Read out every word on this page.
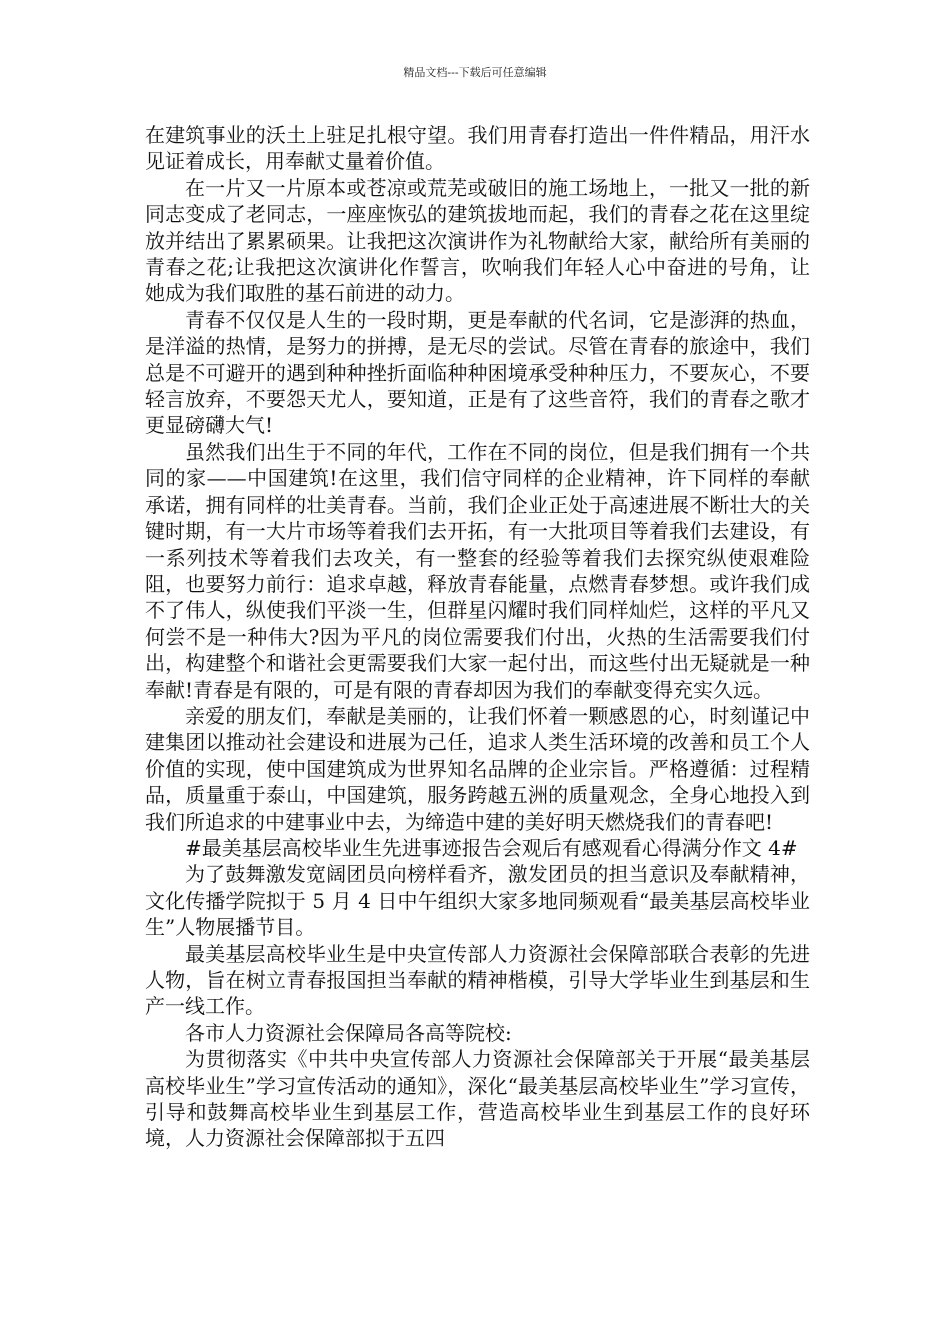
精品文档---下载后可任意编辑

在建筑事业的沃土上驻足扎根守望。我们用青春打造出一件件精品，用汗水见证着成长，用奉献丈量着价值。

在一片又一片原本或苍凉或荒芜或破旧的施工场地上，一批又一批的新同志变成了老同志，一座座恢弘的建筑拔地而起，我们的青春之花在这里绽放并结出了累累硕果。让我把这次演讲作为礼物献给大家，献给所有美丽的青春之花;让我把这次演讲化作誓言，吹响我们年轻人心中奋进的号角，让她成为我们取胜的基石前进的动力。

青春不仅仅是人生的一段时期，更是奉献的代名词，它是澎湃的热血，是洋溢的热情，是努力的拼搏，是无尽的尝试。尽管在青春的旅途中，我们总是不可避开的遇到种种挫折面临种种困境承受种种压力，不要灰心，不要轻言放弃，不要怨天尤人，要知道，正是有了这些音符，我们的青春之歌才更显磅礴大气!

虽然我们出生于不同的年代，工作在不同的岗位，但是我们拥有一个共同的家——中国建筑!在这里，我们信守同样的企业精神，许下同样的奉献承诺，拥有同样的壮美青春。当前，我们企业正处于高速进展不断壮大的关键时期，有一大片市场等着我们去开拓，有一大批项目等着我们去建设，有一系列技术等着我们去攻关，有一整套的经验等着我们去探究纵使艰难险阻，也要努力前行：追求卓越，释放青春能量，点燃青春梦想。或许我们成不了伟人，纵使我们平淡一生，但群星闪耀时我们同样灿烂，这样的平凡又何尝不是一种伟大?因为平凡的岗位需要我们付出，火热的生活需要我们付出，构建整个和谐社会更需要我们大家一起付出，而这些付出无疑就是一种奉献!青春是有限的，可是有限的青春却因为我们的奉献变得充实久远。

亲爱的朋友们，奉献是美丽的，让我们怀着一颗感恩的心，时刻谨记中建集团以推动社会建设和进展为己任，追求人类生活环境的改善和员工个人价值的实现，使中国建筑成为世界知名品牌的企业宗旨。严格遵循：过程精品，质量重于泰山，中国建筑，服务跨越五洲的质量观念，全身心地投入到我们所追求的中建事业中去，为缔造中建的美好明天燃烧我们的青春吧!

#最美基层高校毕业生先进事迹报告会观后有感观看心得满分作文 4#

为了鼓舞激发宽阔团员向榜样看齐，激发团员的担当意识及奉献精神，文化传播学院拟于 5 月 4 日中午组织大家多地同频观看“最美基层高校毕业生”人物展播节目。

最美基层高校毕业生是中央宣传部人力资源社会保障部联合表彰的先进人物，旨在树立青春报国担当奉献的精神楷模，引导大学毕业生到基层和生产一线工作。

各市人力资源社会保障局各高等院校:

为贯彻落实《中共中央宣传部人力资源社会保障部关于开展“最美基层高校毕业生”学习宣传活动的通知》，深化“最美基层高校毕业生”学习宣传，引导和鼓舞高校毕业生到基层工作，营造高校毕业生到基层工作的良好环境，人力资源社会保障部拟于五四
